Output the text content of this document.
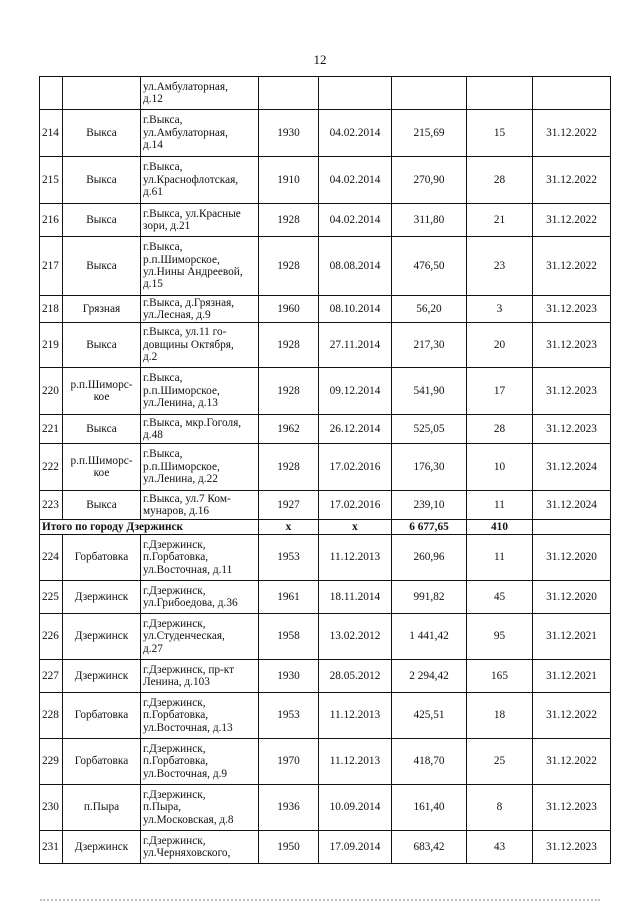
12
		ул.Амбулаторная,
д.12					
214	Выкса	г.Выкса,
ул.Амбулаторная,
д.14	1930	04.02.2014	215,69	15	31.12.2022
215	Выкса	г.Выкса,
ул.Краснофлотская,
д.61	1910	04.02.2014	270,90	28	31.12.2022
216	Выкса	г.Выкса, ул.Красные
зори, д.21	1928	04.02.2014	311,80	21	31.12.2022
217	Выкса	г.Выкса,
р.п.Шиморское,
ул.Нины Андреевой,
д.15	1928	08.08.2014	476,50	23	31.12.2022
218	Грязная	г.Выкса, д.Грязная,
ул.Лесная, д.9	1960	08.10.2014	56,20	3	31.12.2023
219	Выкса	г.Выкса, ул.11 го-
довщины Октября,
д.2	1928	27.11.2014	217,30	20	31.12.2023
220	р.п.Шиморс-
кое	г.Выкса,
р.п.Шиморское,
ул.Ленина, д.13	1928	09.12.2014	541,90	17	31.12.2023
221	Выкса	г.Выкса, мкр.Гоголя,
д.48	1962	26.12.2014	525,05	28	31.12.2023
222	р.п.Шиморс-
кое	г.Выкса,
р.п.Шиморское,
ул.Ленина, д.22	1928	17.02.2016	176,30	10	31.12.2024
223	Выкса	г.Выкса, ул.7 Ком-
мунаров, д.16	1927	17.02.2016	239,10	11	31.12.2024
Итого по городу Дзержинск			х	х	6 677,65	410	
224	Горбатовка	г.Дзержинск,
п.Горбатовка,
ул.Восточная, д.11	1953	11.12.2013	260,96	11	31.12.2020
225	Дзержинск	г.Дзержинск,
ул.Грибоедова, д.36	1961	18.11.2014	991,82	45	31.12.2020
226	Дзержинск	г.Дзержинск,
ул.Студенческая,
д.27	1958	13.02.2012	1 441,42	95	31.12.2021
227	Дзержинск	г.Дзержинск, пр-кт
Ленина, д.103	1930	28.05.2012	2 294,42	165	31.12.2021
228	Горбатовка	г.Дзержинск,
п.Горбатовка,
ул.Восточная, д.13	1953	11.12.2013	425,51	18	31.12.2022
229	Горбатовка	г.Дзержинск,
п.Горбатовка,
ул.Восточная, д.9	1970	11.12.2013	418,70	25	31.12.2022
230	п.Пыра	г.Дзержинск,
п.Пыра,
ул.Московская, д.8	1936	10.09.2014	161,40	8	31.12.2023
231	Дзержинск	г.Дзержинск,
ул.Черняховского,	1950	17.09.2014	683,42	43	31.12.2023
